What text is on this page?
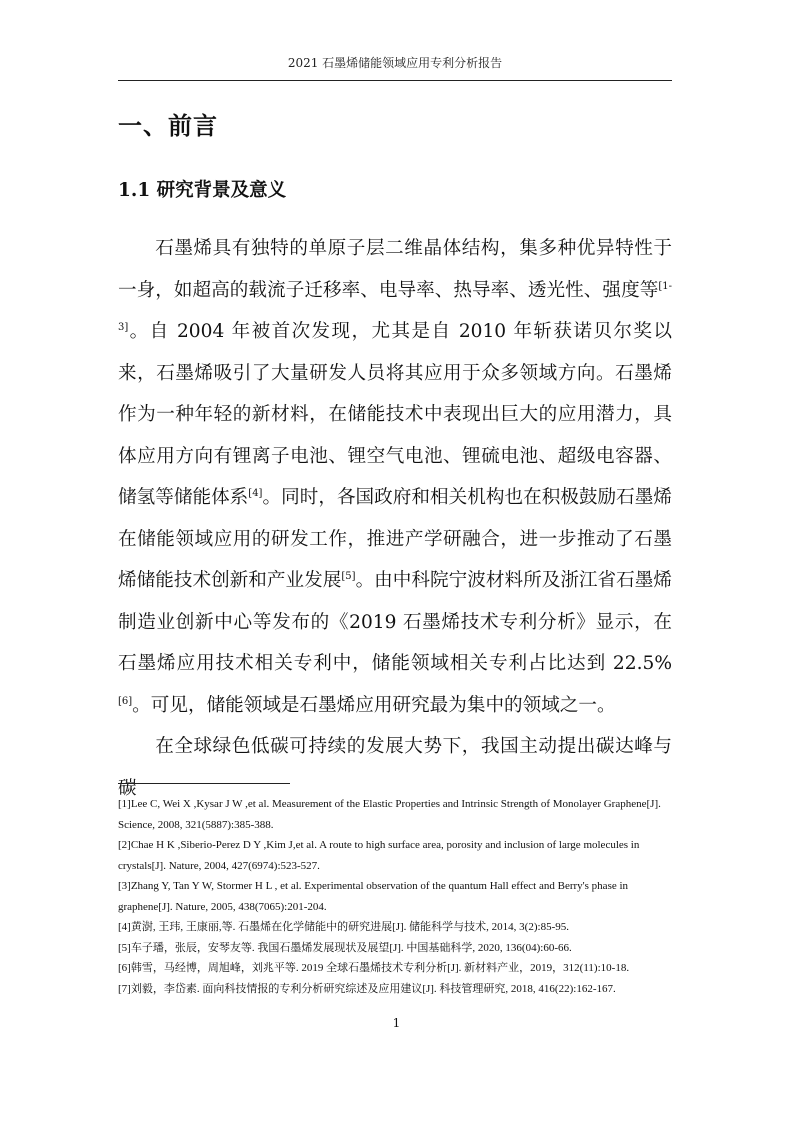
2021 石墨烯储能领域应用专利分析报告
一、前言
1.1 研究背景及意义

石墨烯具有独特的单原子层二维晶体结构，集多种优异特性于一身，如超高的载流子迁移率、电导率、热导率、透光性、强度等[1-3]。自 2004 年被首次发现，尤其是自 2010 年斩获诺贝尔奖以来，石墨烯吸引了大量研发人员将其应用于众多领域方向。石墨烯作为一种年轻的新材料，在储能技术中表现出巨大的应用潜力，具体应用方向有锂离子电池、锂空气电池、锂硫电池、超级电容器、储氢等储能体系[4]。同时，各国政府和相关机构也在积极鼓励石墨烯在储能领域应用的研发工作，推进产学研融合，进一步推动了石墨烯储能技术创新和产业发展[5]。由中科院宁波材料所及浙江省石墨烯制造业创新中心等发布的《2019 石墨烯技术专利分析》显示，在石墨烯应用技术相关专利中，储能领域相关专利占比达到 22.5%[6]。可见，储能领域是石墨烯应用研究最为集中的领域之一。

在全球绿色低碳可持续的发展大势下，我国主动提出碳达峰与碳

[1]Lee C, Wei X ,Kysar J W ,et al. Measurement of the Elastic Properties and Intrinsic Strength of Monolayer Graphene[J]. Science, 2008, 321(5887):385-388.

[2]Chae H K ,Siberio-Perez D Y ,Kim J,et al. A route to high surface area, porosity and inclusion of large molecules in crystals[J]. Nature, 2004, 427(6974):523-527.

[3]Zhang Y, Tan Y W, Stormer H L , et al. Experimental observation of the quantum Hall effect and Berry's phase in graphene[J]. Nature, 2005, 438(7065):201-204.

[4]黄澍, 王玮, 王康丽,等. 石墨烯在化学储能中的研究进展[J]. 储能科学与技术, 2014, 3(2):85-95.

[5]车子璠，张辰，安琴友等. 我国石墨烯发展现状及展望[J]. 中国基础科学, 2020, 136(04):60-66.

[6]韩雪，马经博，周旭峰，刘兆平等. 2019 全球石墨烯技术专利分析[J]. 新材料产业，2019，312(11):10-18.

[7]刘毅，李岱素. 面向科技情报的专利分析研究综述及应用建议[J]. 科技管理研究, 2018, 416(22):162-167.

1
